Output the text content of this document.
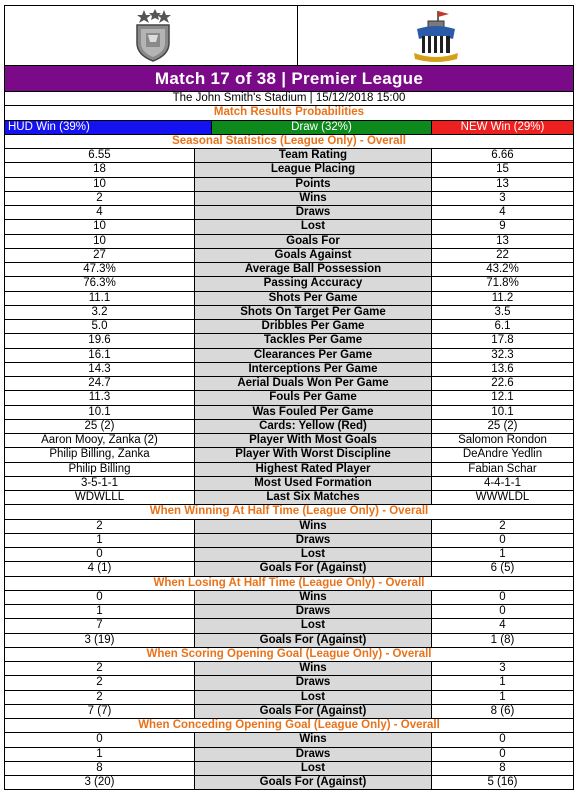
Match 17 of 38 | Premier League
The John Smith's Stadium | 15/12/2018 15:00
Match Results Probabilities
HUD Win (39%)	Draw (32%)	NEW Win (29%)
Seasonal Statistics (League Only) - Overall
6.55	Team Rating	6.66
18	League Placing	15
10	Points	13
2	Wins	3
4	Draws	4
10	Lost	9
10	Goals For	13
27	Goals Against	22
47.3%	Average Ball Possession	43.2%
76.3%	Passing Accuracy	71.8%
11.1	Shots Per Game	11.2
3.2	Shots On Target Per Game	3.5
5.0	Dribbles Per Game	6.1
19.6	Tackles Per Game	17.8
16.1	Clearances Per Game	32.3
14.3	Interceptions Per Game	13.6
24.7	Aerial Duals Won Per Game	22.6
11.3	Fouls Per Game	12.1
10.1	Was Fouled Per Game	10.1
25 (2)	Cards: Yellow (Red)	25 (2)
Aaron Mooy, Zanka (2)	Player With Most Goals	Salomon Rondon
Philip Billing, Zanka	Player With Worst Discipline	DeAndre Yedlin
Philip Billing	Highest Rated Player	Fabian Schar
3-5-1-1	Most Used Formation	4-4-1-1
WDWLLL	Last Six Matches	WWWLDL
When Winning At Half Time (League Only) - Overall
2	Wins	2
1	Draws	0
0	Lost	1
4 (1)	Goals For (Against)	6 (5)
When Losing At Half Time (League Only) - Overall
0	Wins	0
1	Draws	0
7	Lost	4
3 (19)	Goals For (Against)	1 (8)
When Scoring Opening Goal (League Only) - Overall
2	Wins	3
2	Draws	1
2	Lost	1
7 (7)	Goals For (Against)	8 (6)
When Conceding Opening Goal (League Only) - Overall
0	Wins	0
1	Draws	0
8	Lost	8
3 (20)	Goals For (Against)	5 (16)
